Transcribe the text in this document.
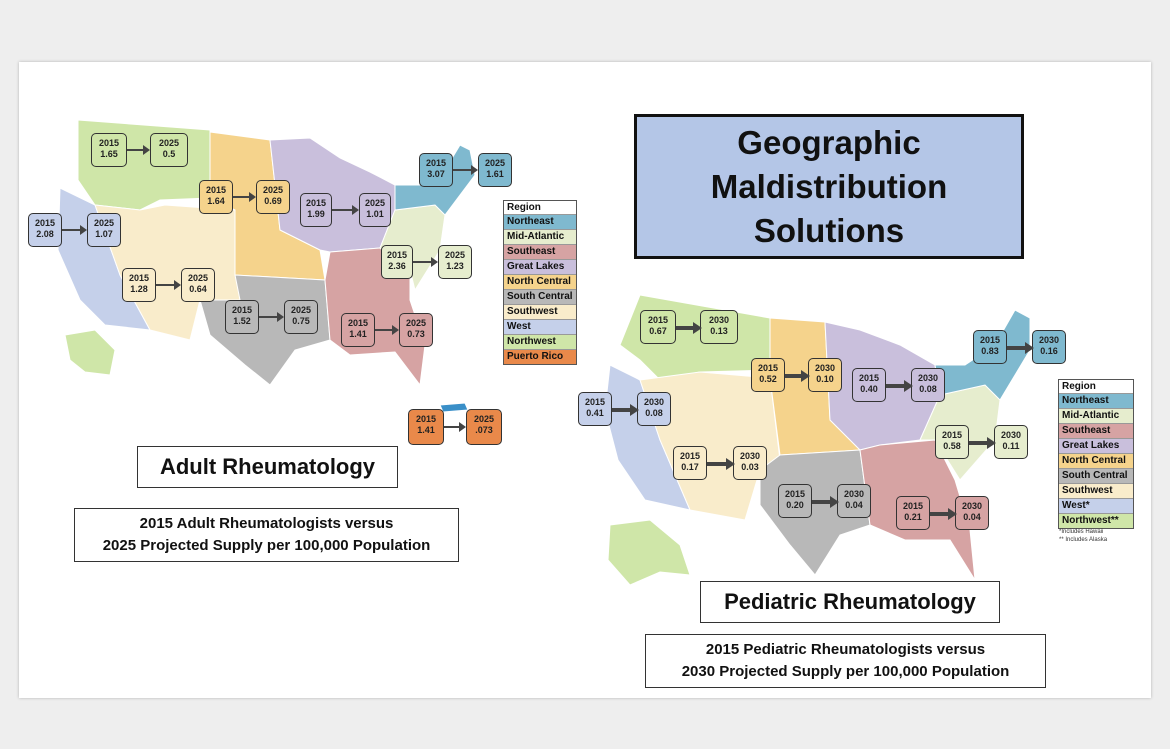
Geographic
Maldistribution
Solutions
Adult Rheumatology
2015 Adult Rheumatologists versus
2025 Projected Supply per 100,000 Population
Pediatric Rheumatology
2015 Pediatric Rheumatologists versus
2030 Projected Supply per 100,000 Population
Region
Northeast
Mid-Atlantic
Southeast
Great Lakes
North Central
South Central
Southwest
West
Northwest
Puerto Rico
Region
Northeast
Mid-Atlantic
Southeast
Great Lakes
North Central
South Central
Southwest
West*
Northwest**
*Includes Hawaii
** Includes Alaska
2015
1.65
2025
0.5
2015
1.64
2025
0.69	2015
1.99
2025
1.01
2015
3.07
2025
1.61
2015
2.08
2025
1.07
2015
2.36
2025
1.23
2015
1.28
2025
0.64
2015
1.52
2025
0.75	2015
1.41
2025
0.73
2015
1.41
2025
.073
2015
0.67
2030
0.13
2015
0.83
2030
0.16
2015
0.52
2030
0.10	2015
0.40
2030
0.08
2015
0.41
2030
0.08
2015
0.58
2030
0.11
2015
0.17
2030
0.03
2015
0.20
2030
0.04	2015
0.21
2030
0.04
